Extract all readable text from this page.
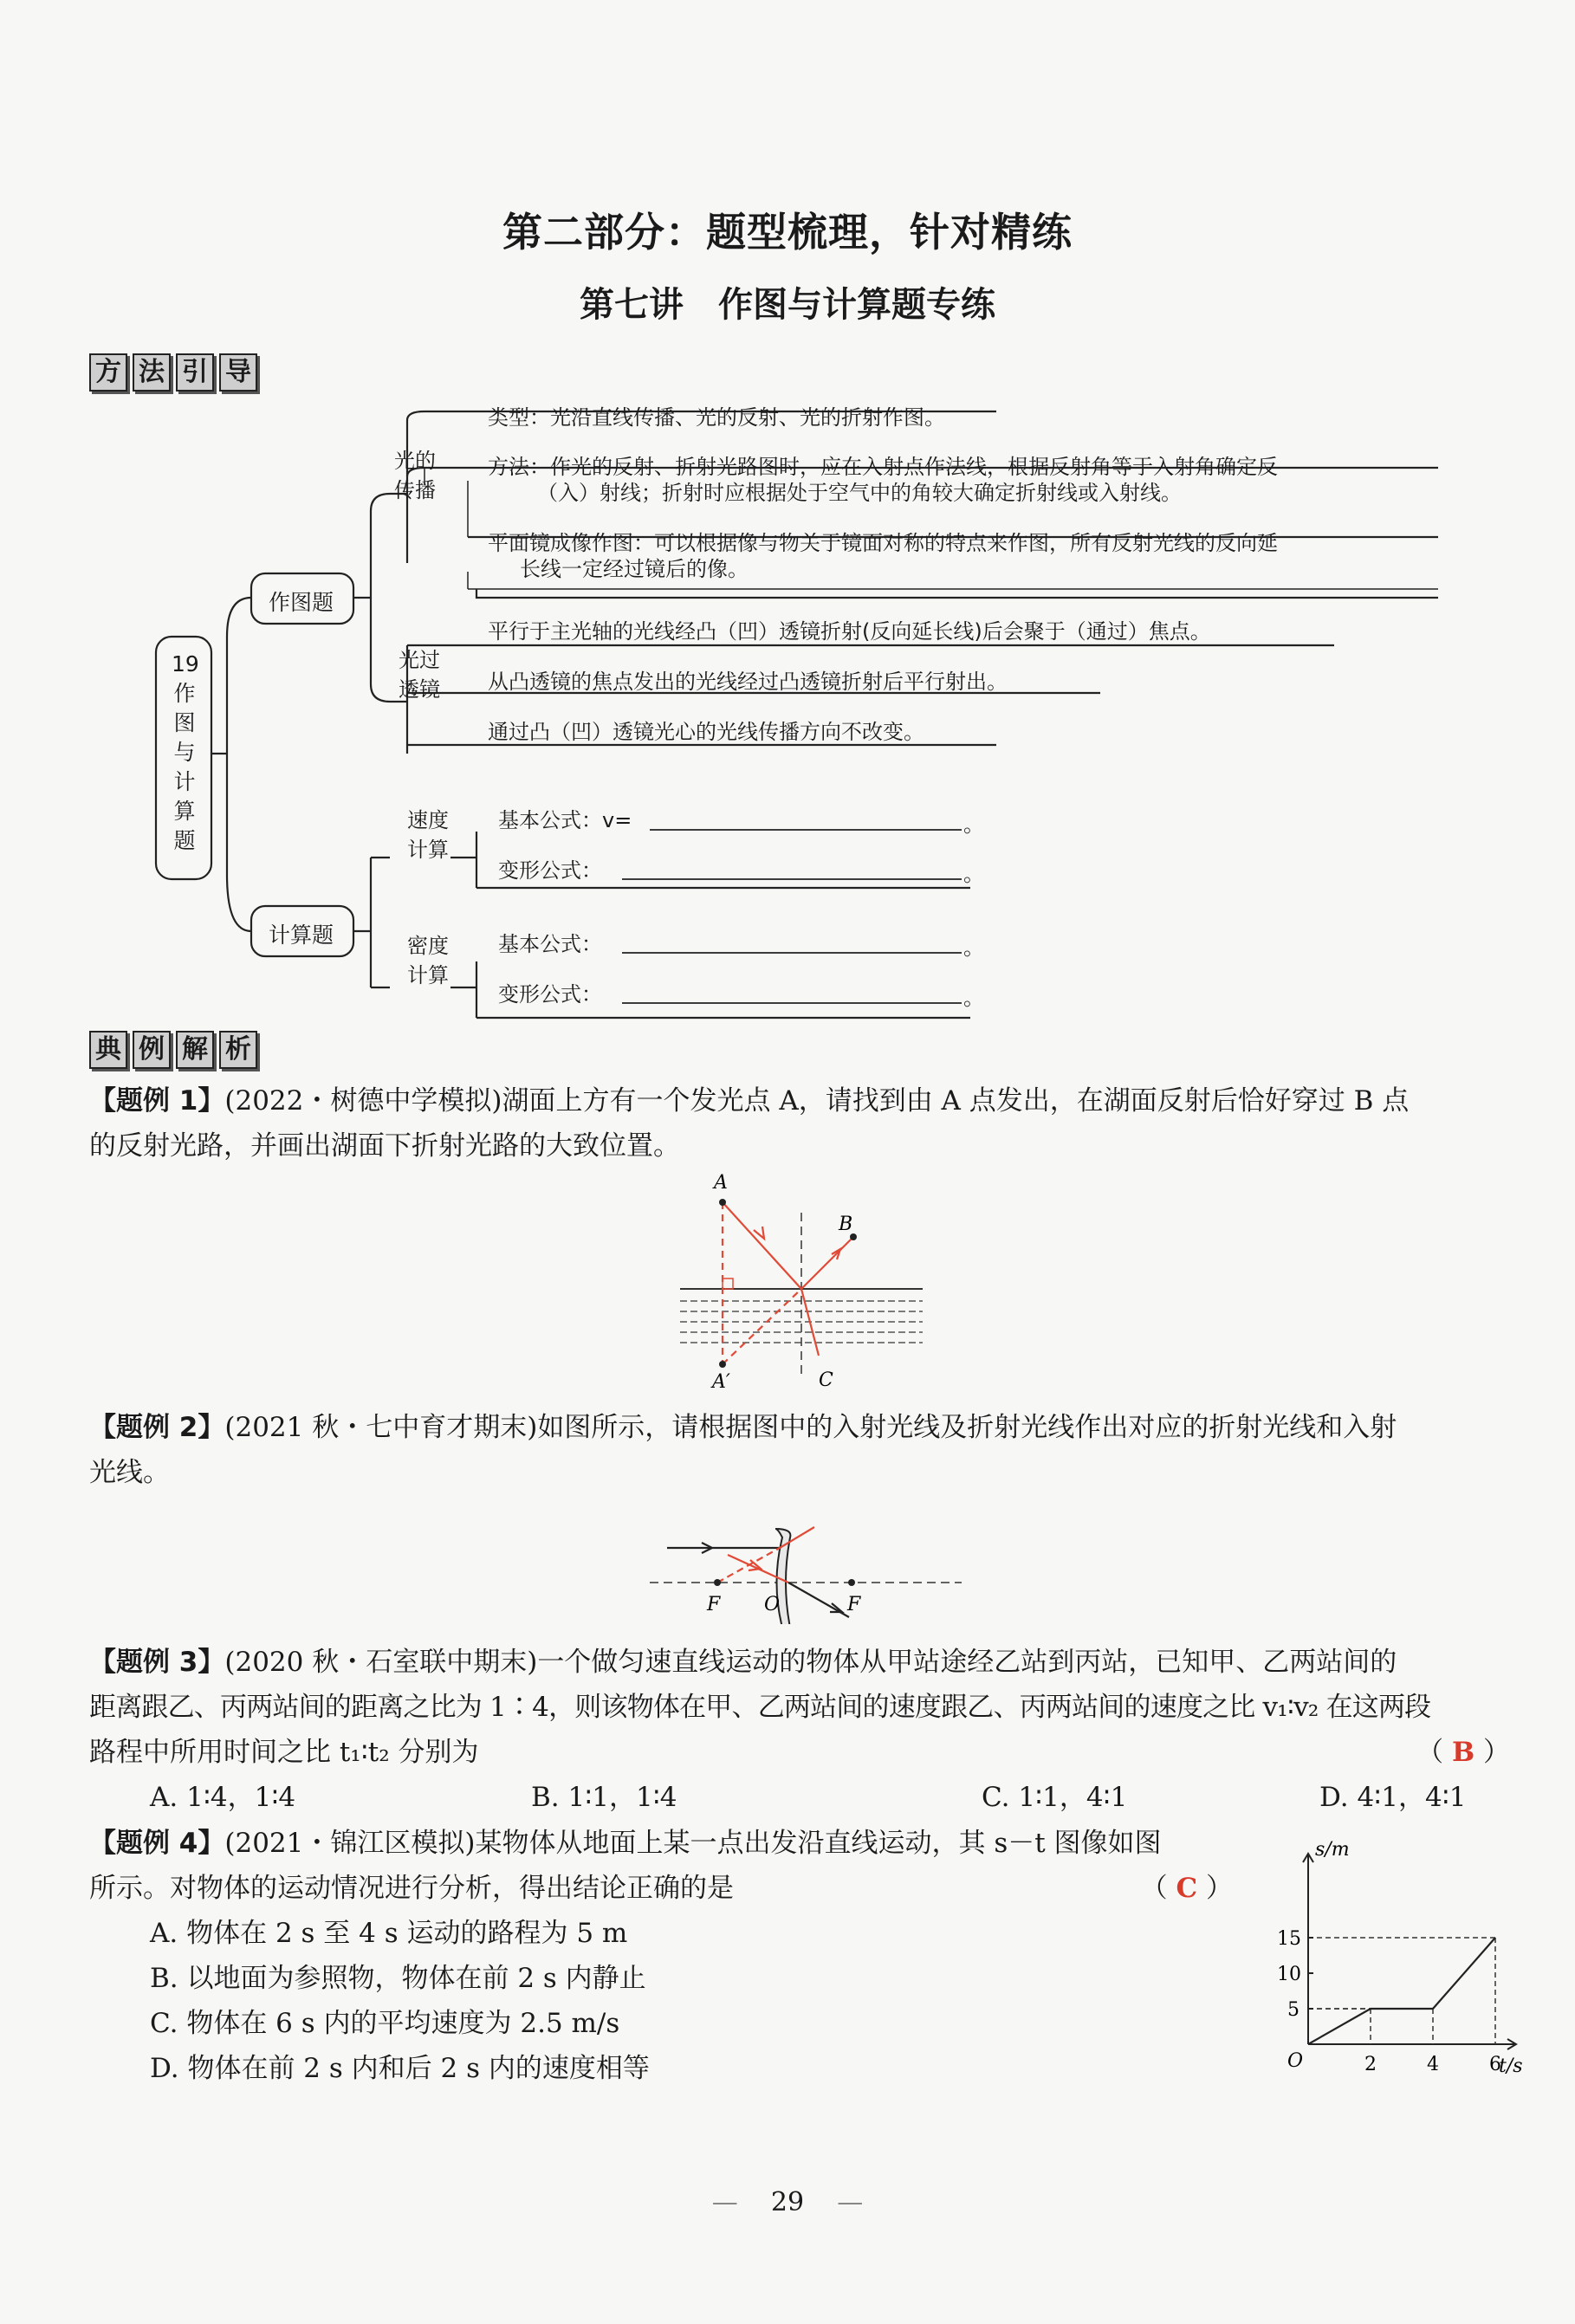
第二部分：题型梳理，针对精练
第七讲　作图与计算题专练
方 法 引 导
19作图与计算题
作图题
计算题
光的传播
类型：光沿直线传播、光的反射、光的折射作图。
方法：作光的反射、折射光路图时，应在入射点作法线，根据反射角等于入射角确定反
（入）射线；折射时应根据处于空气中的角较大确定折射线或入射线。
平面镜成像作图：可以根据像与物关于镜面对称的特点来作图，所有反射光线的反向延
长线一定经过镜后的像。
光过透镜
平行于主光轴的光线经凸（凹）透镜折射(反向延长线)后会聚于（通过）焦点。
从凸透镜的焦点发出的光线经过凸透镜折射后平行射出。
通过凸（凹）透镜光心的光线传播方向不改变。
速度计算
密度计算
基本公式：v=	。
变形公式：	。
基本公式：	。
变形公式：	。
典 例 解 析
【题例 1】(2022・树德中学模拟)湖面上方有一个发光点 A，请找到由 A 点发出，在湖面反射后恰好穿过 B 点
的反射光路，并画出湖面下折射光路的大致位置。
A
B
A′	C
【题例 2】(2021 秋・七中育才期末)如图所示，请根据图中的入射光线及折射光线作出对应的折射光线和入射
光线。
F O	F
【题例 3】(2020 秋・石室联中期末)一个做匀速直线运动的物体从甲站途经乙站到丙站，已知甲、乙两站间的
距离跟乙、丙两站间的距离之比为 1∶4，则该物体在甲、乙两站间的速度跟乙、丙两站间的速度之比 v₁∶v₂ 在这两段
路程中所用时间之比 t₁∶t₂ 分别为	（ B ）
A. 1∶4，1∶4	B. 1∶1，1∶4	C. 1∶1，4∶1	D. 4∶1，4∶1
【题例 4】(2021・锦江区模拟)某物体从地面上某一点出发沿直线运动，其 s－t 图像如图
所示。对物体的运动情况进行分析，得出结论正确的是	（ C ）
A. 物体在 2 s 至 4 s 运动的路程为 5 m
B. 以地面为参照物，物体在前 2 s 内静止
C. 物体在 6 s 内的平均速度为 2.5 m/s
D. 物体在前 2 s 内和后 2 s 内的速度相等
s/m
t/s
O	2	4	6
5
10
15
— 29 —
